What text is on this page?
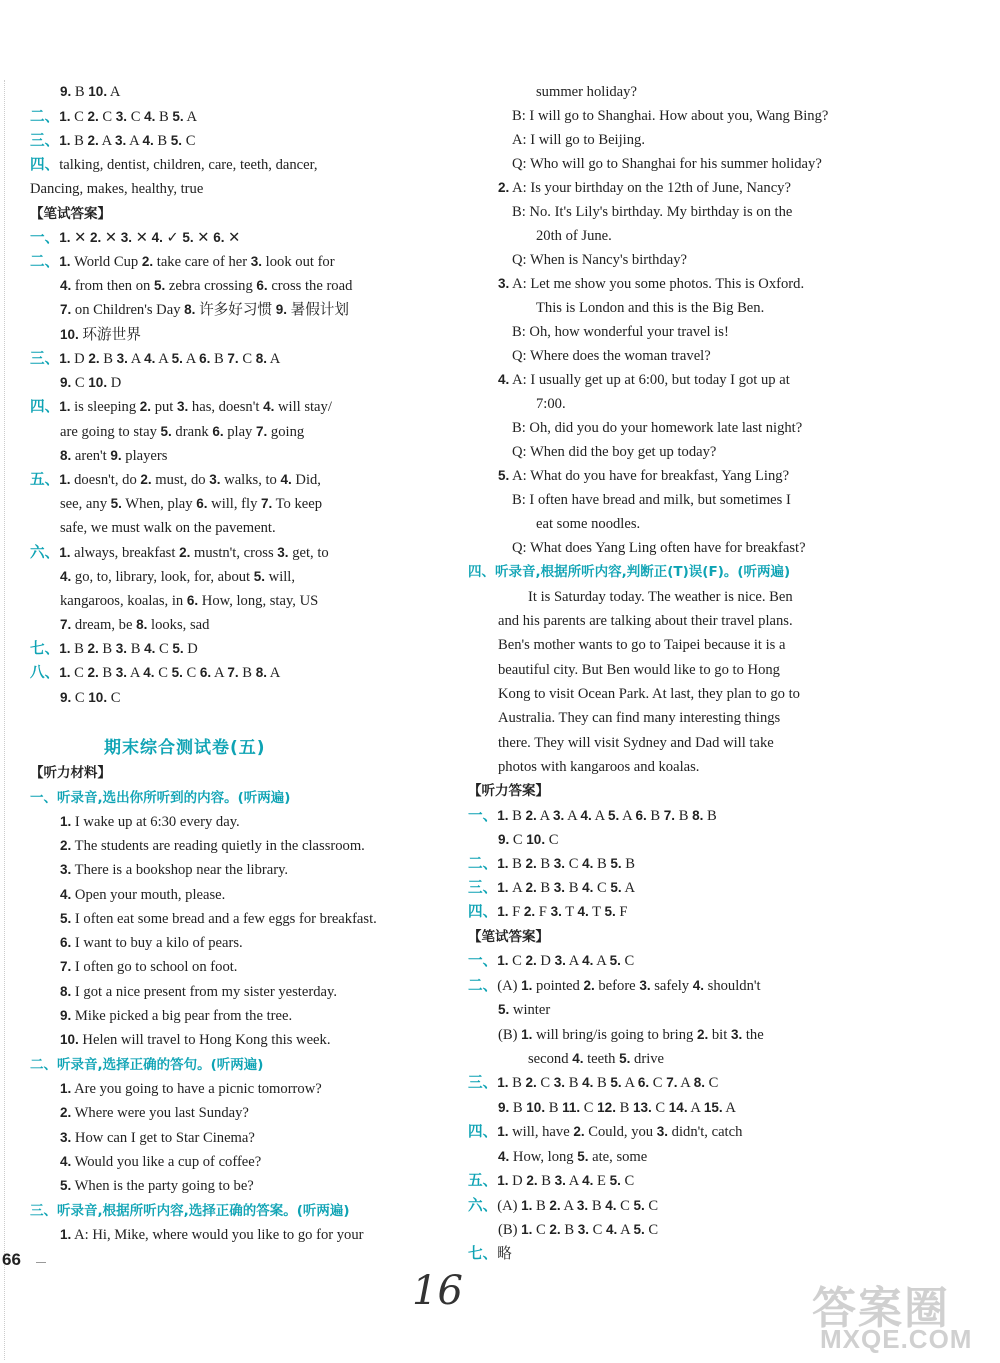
9. B 10. A
二、1. C 2. C 3. C 4. B 5. A
三、1. B 2. A 3. A 4. B 5. C
四、talking, dentist, children, care, teeth, dancer,
Dancing, makes, healthy, true
【笔试答案】
一、1. ✕ 2. ✕ 3. ✕ 4. ✓ 5. ✕ 6. ✕
二、1. World Cup 2. take care of her 3. look out for
4. from then on 5. zebra crossing 6. cross the road
7. on Children's Day 8. 许多好习惯 9. 暑假计划
10. 环游世界
三、1. D 2. B 3. A 4. A 5. A 6. B 7. C 8. A
9. C 10. D
四、1. is sleeping 2. put 3. has, doesn't 4. will stay/
are going to stay 5. drank 6. play 7. going
8. aren't 9. players
五、1. doesn't, do 2. must, do 3. walks, to 4. Did,
see, any 5. When, play 6. will, fly 7. To keep
safe, we must walk on the pavement.
六、1. always, breakfast 2. mustn't, cross 3. get, to
4. go, to, library, look, for, about 5. will,
kangaroos, koalas, in 6. How, long, stay, US
7. dream, be 8. looks, sad
七、1. B 2. B 3. B 4. C 5. D
八、1. C 2. B 3. A 4. C 5. C 6. A 7. B 8. A
9. C 10. C
【听力材料】
一、听录音,选出你所听到的内容。(听两遍)
1. I wake up at 6:30 every day.
2. The students are reading quietly in the classroom.
3. There is a bookshop near the library.
4. Open your mouth, please.
5. I often eat some bread and a few eggs for breakfast.
6. I want to buy a kilo of pears.
7. I often go to school on foot.
8. I got a nice present from my sister yesterday.
9. Mike picked a big pear from the tree.
10. Helen will travel to Hong Kong this week.
二、听录音,选择正确的答句。(听两遍)
1. Are you going to have a picnic tomorrow?
2. Where were you last Sunday?
3. How can I get to Star Cinema?
4. Would you like a cup of coffee?
5. When is the party going to be?
三、听录音,根据所听内容,选择正确的答案。(听两遍)
1. A: Hi, Mike, where would you like to go for your
期末综合测试卷(五)
summer holiday?
B: I will go to Shanghai. How about you, Wang Bing?
A: I will go to Beijing.
Q: Who will go to Shanghai for his summer holiday?
2. A: Is your birthday on the 12th of June, Nancy?
B: No. It's Lily's birthday. My birthday is on the
20th of June.
Q: When is Nancy's birthday?
3. A: Let me show you some photos. This is Oxford.
This is London and this is the Big Ben.
B: Oh, how wonderful your travel is!
Q: Where does the woman travel?
4. A: I usually get up at 6:00, but today I got up at
7:00.
B: Oh, did you do your homework late last night?
Q: When did the boy get up today?
5. A: What do you have for breakfast, Yang Ling?
B: I often have bread and milk, but sometimes I
eat some noodles.
Q: What does Yang Ling often have for breakfast?
四、听录音,根据所听内容,判断正(T)误(F)。(听两遍)
It is Saturday today. The weather is nice. Ben
and his parents are talking about their travel plans.
Ben's mother wants to go to Taipei because it is a
beautiful city. But Ben would like to go to Hong
Kong to visit Ocean Park. At last, they plan to go to
Australia. They can find many interesting things
there. They will visit Sydney and Dad will take
photos with kangaroos and koalas.
【听力答案】
一、1. B 2. A 3. A 4. A 5. A 6. B 7. B 8. B
9. C 10. C
二、1. B 2. B 3. C 4. B 5. B
三、1. A 2. B 3. B 4. C 5. A
四、1. F 2. F 3. T 4. T 5. F
【笔试答案】
一、1. C 2. D 3. A 4. A 5. C
二、(A) 1. pointed 2. before 3. safely 4. shouldn't
5. winter
(B) 1. will bring/is going to bring 2. bit 3. the
second 4. teeth 5. drive
三、1. B 2. C 3. B 4. B 5. A 6. C 7. A 8. C
9. B 10. B 11. C 12. B 13. C 14. A 15. A
四、1. will, have 2. Could, you 3. didn't, catch
4. How, long 5. ate, some
五、1. D 2. B 3. A 4. E 5. C
六、(A) 1. B 2. A 3. B 4. C 5. C
(B) 1. C 2. B 3. C 4. A 5. C
七、略
66
16	答案圈
MXQE.COM
